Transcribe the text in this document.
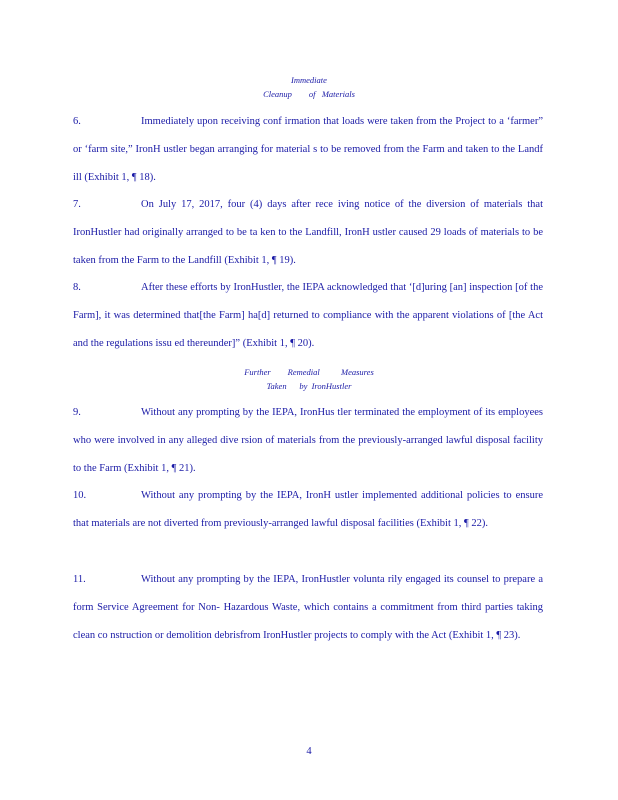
Immediate
Cleanup        of   Materials
6.	Immediately upon receiving conf irmation that loads were taken from the Project to a ‘farmer” or ‘farm site,” IronH ustler began arranging for material s to be removed from the Farm and taken to the Landf ill (Exhibit 1, ¶ 18).
7.	On July 17, 2017, four (4) days after rece iving notice of the diversion of materials that IronHustler had originally arranged to be ta ken to the Landfill, IronH ustler caused 29 loads of materials to be taken from the Farm to the Landfill (Exhibit 1, ¶ 19).
8.	After these efforts by IronHustler, the IEPA acknowledged that ‘[d]uring [an] inspection [of the Farm], it was determined that[the Farm] ha[d] returned to compliance with the apparent violations of [the Act and the regulations issu ed thereunder]” (Exhibit 1, ¶ 20).
Further        Remedial          Measures
Taken      by  IronHustler
9.	Without any prompting by the IEPA, IronHus tler terminated the employment of its employees who were involved in any alleged dive rsion of materials from the previously-arranged lawful disposal facility to the Farm (Exhibit 1, ¶ 21).
10.	Without any prompting by the IEPA, IronH ustler implemented additional policies to ensure that materials are not diverted from previously-arranged lawful disposal facilities (Exhibit 1, ¶ 22).
11.	Without any prompting by the IEPA, IronHustler volunta rily engaged its counsel to prepare a form Service Agreement for Non- Hazardous Waste, which contains a commitment from third parties taking clean co nstruction or demolition debrisfrom IronHustler projects to comply with the Act (Exhibit 1, ¶ 23).
4
